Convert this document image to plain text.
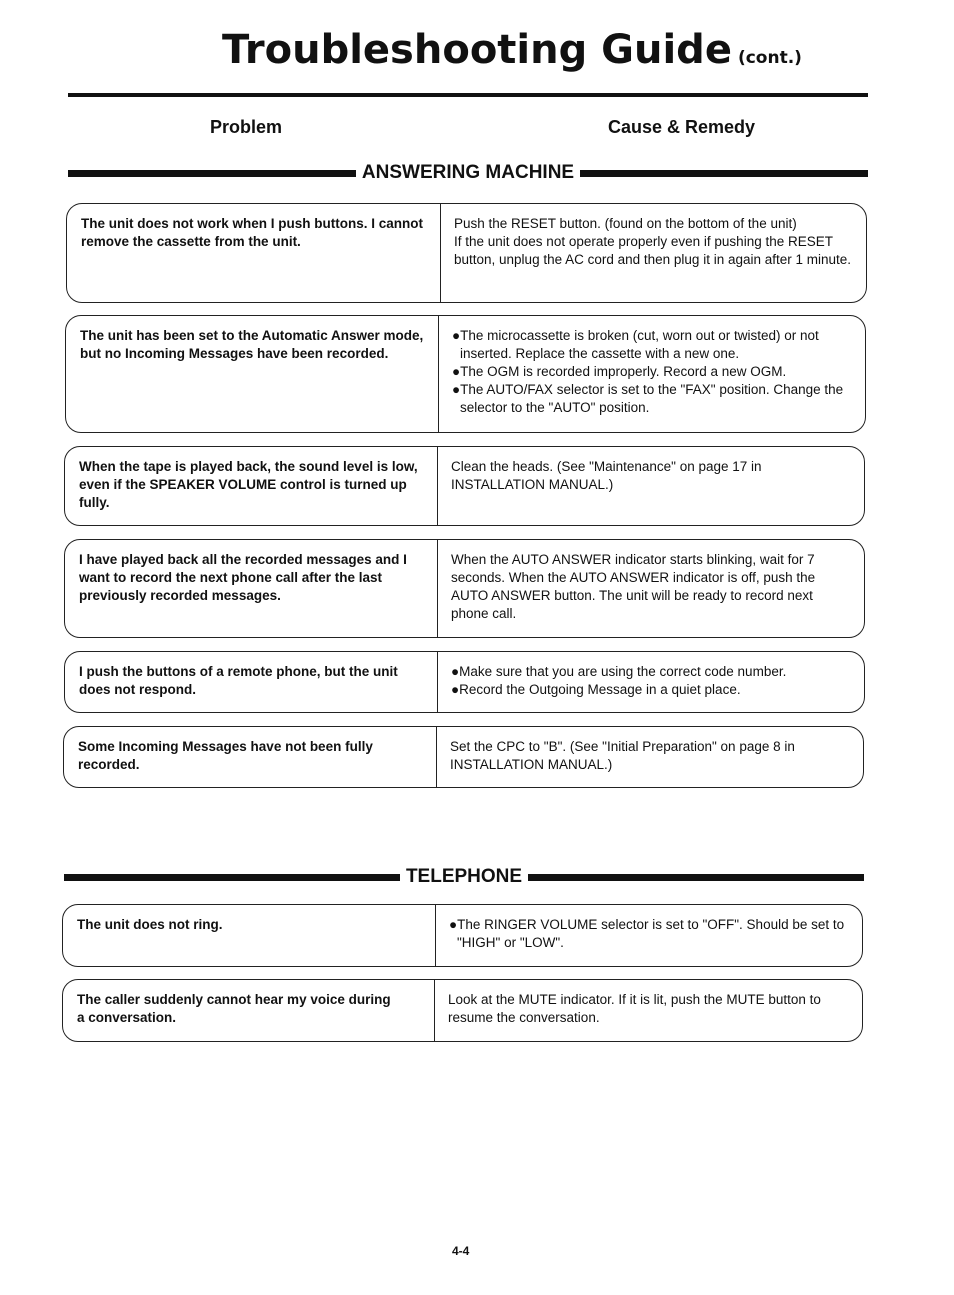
Troubleshooting Guide (cont.)
Problem	Cause & Remedy
ANSWERING MACHINE
The unit does not work when I push buttons. I cannot remove the cassette from the unit.
Push the RESET button. (found on the bottom of the unit)
If the unit does not operate properly even if pushing the RESET button, unplug the AC cord and then plug it in again after 1 minute.
The unit has been set to the Automatic Answer mode, but no Incoming Messages have been recorded.
●The microcassette is broken (cut, worn out or twisted) or not inserted. Replace the cassette with a new one.
●The OGM is recorded improperly. Record a new OGM.
●The AUTO/FAX selector is set to the "FAX" position. Change the selector to the "AUTO" position.
When the tape is played back, the sound level is low, even if the SPEAKER VOLUME control is turned up fully.
Clean the heads. (See "Maintenance" on page 17 in INSTALLATION MANUAL.)
I have played back all the recorded messages and I want to record the next phone call after the last previously recorded messages.
When the AUTO ANSWER indicator starts blinking, wait for 7 seconds. When the AUTO ANSWER indicator is off, push the AUTO ANSWER button. The unit will be ready to record next phone call.
I push the buttons of a remote phone, but the unit does not respond.
●Make sure that you are using the correct code number.
●Record the Outgoing Message in a quiet place.
Some Incoming Messages have not been fully recorded.
Set the CPC to "B". (See "Initial Preparation" on page 8 in INSTALLATION MANUAL.)
TELEPHONE
The unit does not ring.	●The RINGER VOLUME selector is set to "OFF". Should be set to "HIGH" or "LOW".
The caller suddenly cannot hear my voice during a conversation.
Look at the MUTE indicator. If it is lit, push the MUTE button to resume the conversation.
4-4
